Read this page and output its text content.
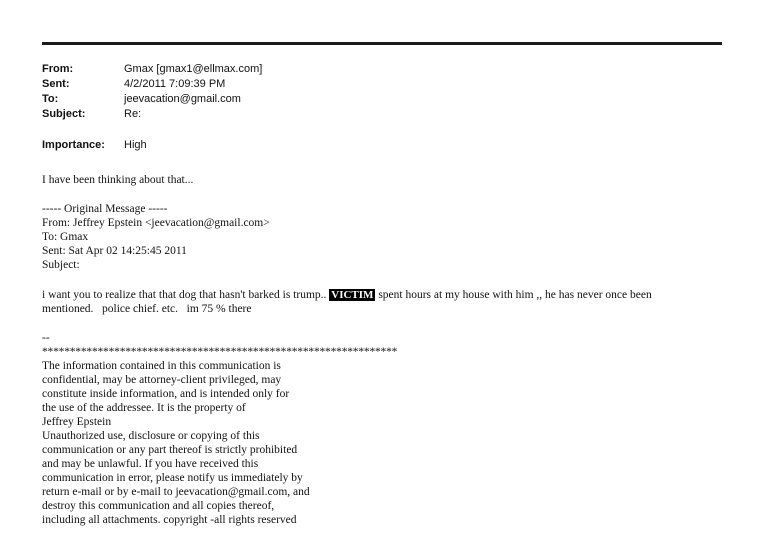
From:	Gmax [gmax1@ellmax.com]
Sent:	4/2/2011 7:09:39 PM
To:	jeevacation@gmail.com
Subject:	Re:
Importance: High
I have been thinking about that...
----- Original Message -----
From: Jeffrey Epstein <jeevacation@gmail.com>
To: Gmax
Sent: Sat Apr 02 14:25:45 2011
Subject:
i want you to realize that that dog that hasn't barked is trump.. VICTIM spent hours at my house with him ,, he has never once been
mentioned.   police chief. etc.   im 75 % there
--
****************************************************************
The information contained in this communication is
confidential, may be attorney-client privileged, may
constitute inside information, and is intended only for
the use of the addressee. It is the property of
Jeffrey Epstein
Unauthorized use, disclosure or copying of this
communication or any part thereof is strictly prohibited
and may be unlawful. If you have received this
communication in error, please notify us immediately by
return e-mail or by e-mail to jeevacation@gmail.com, and
destroy this communication and all copies thereof,
including all attachments. copyright -all rights reserved
